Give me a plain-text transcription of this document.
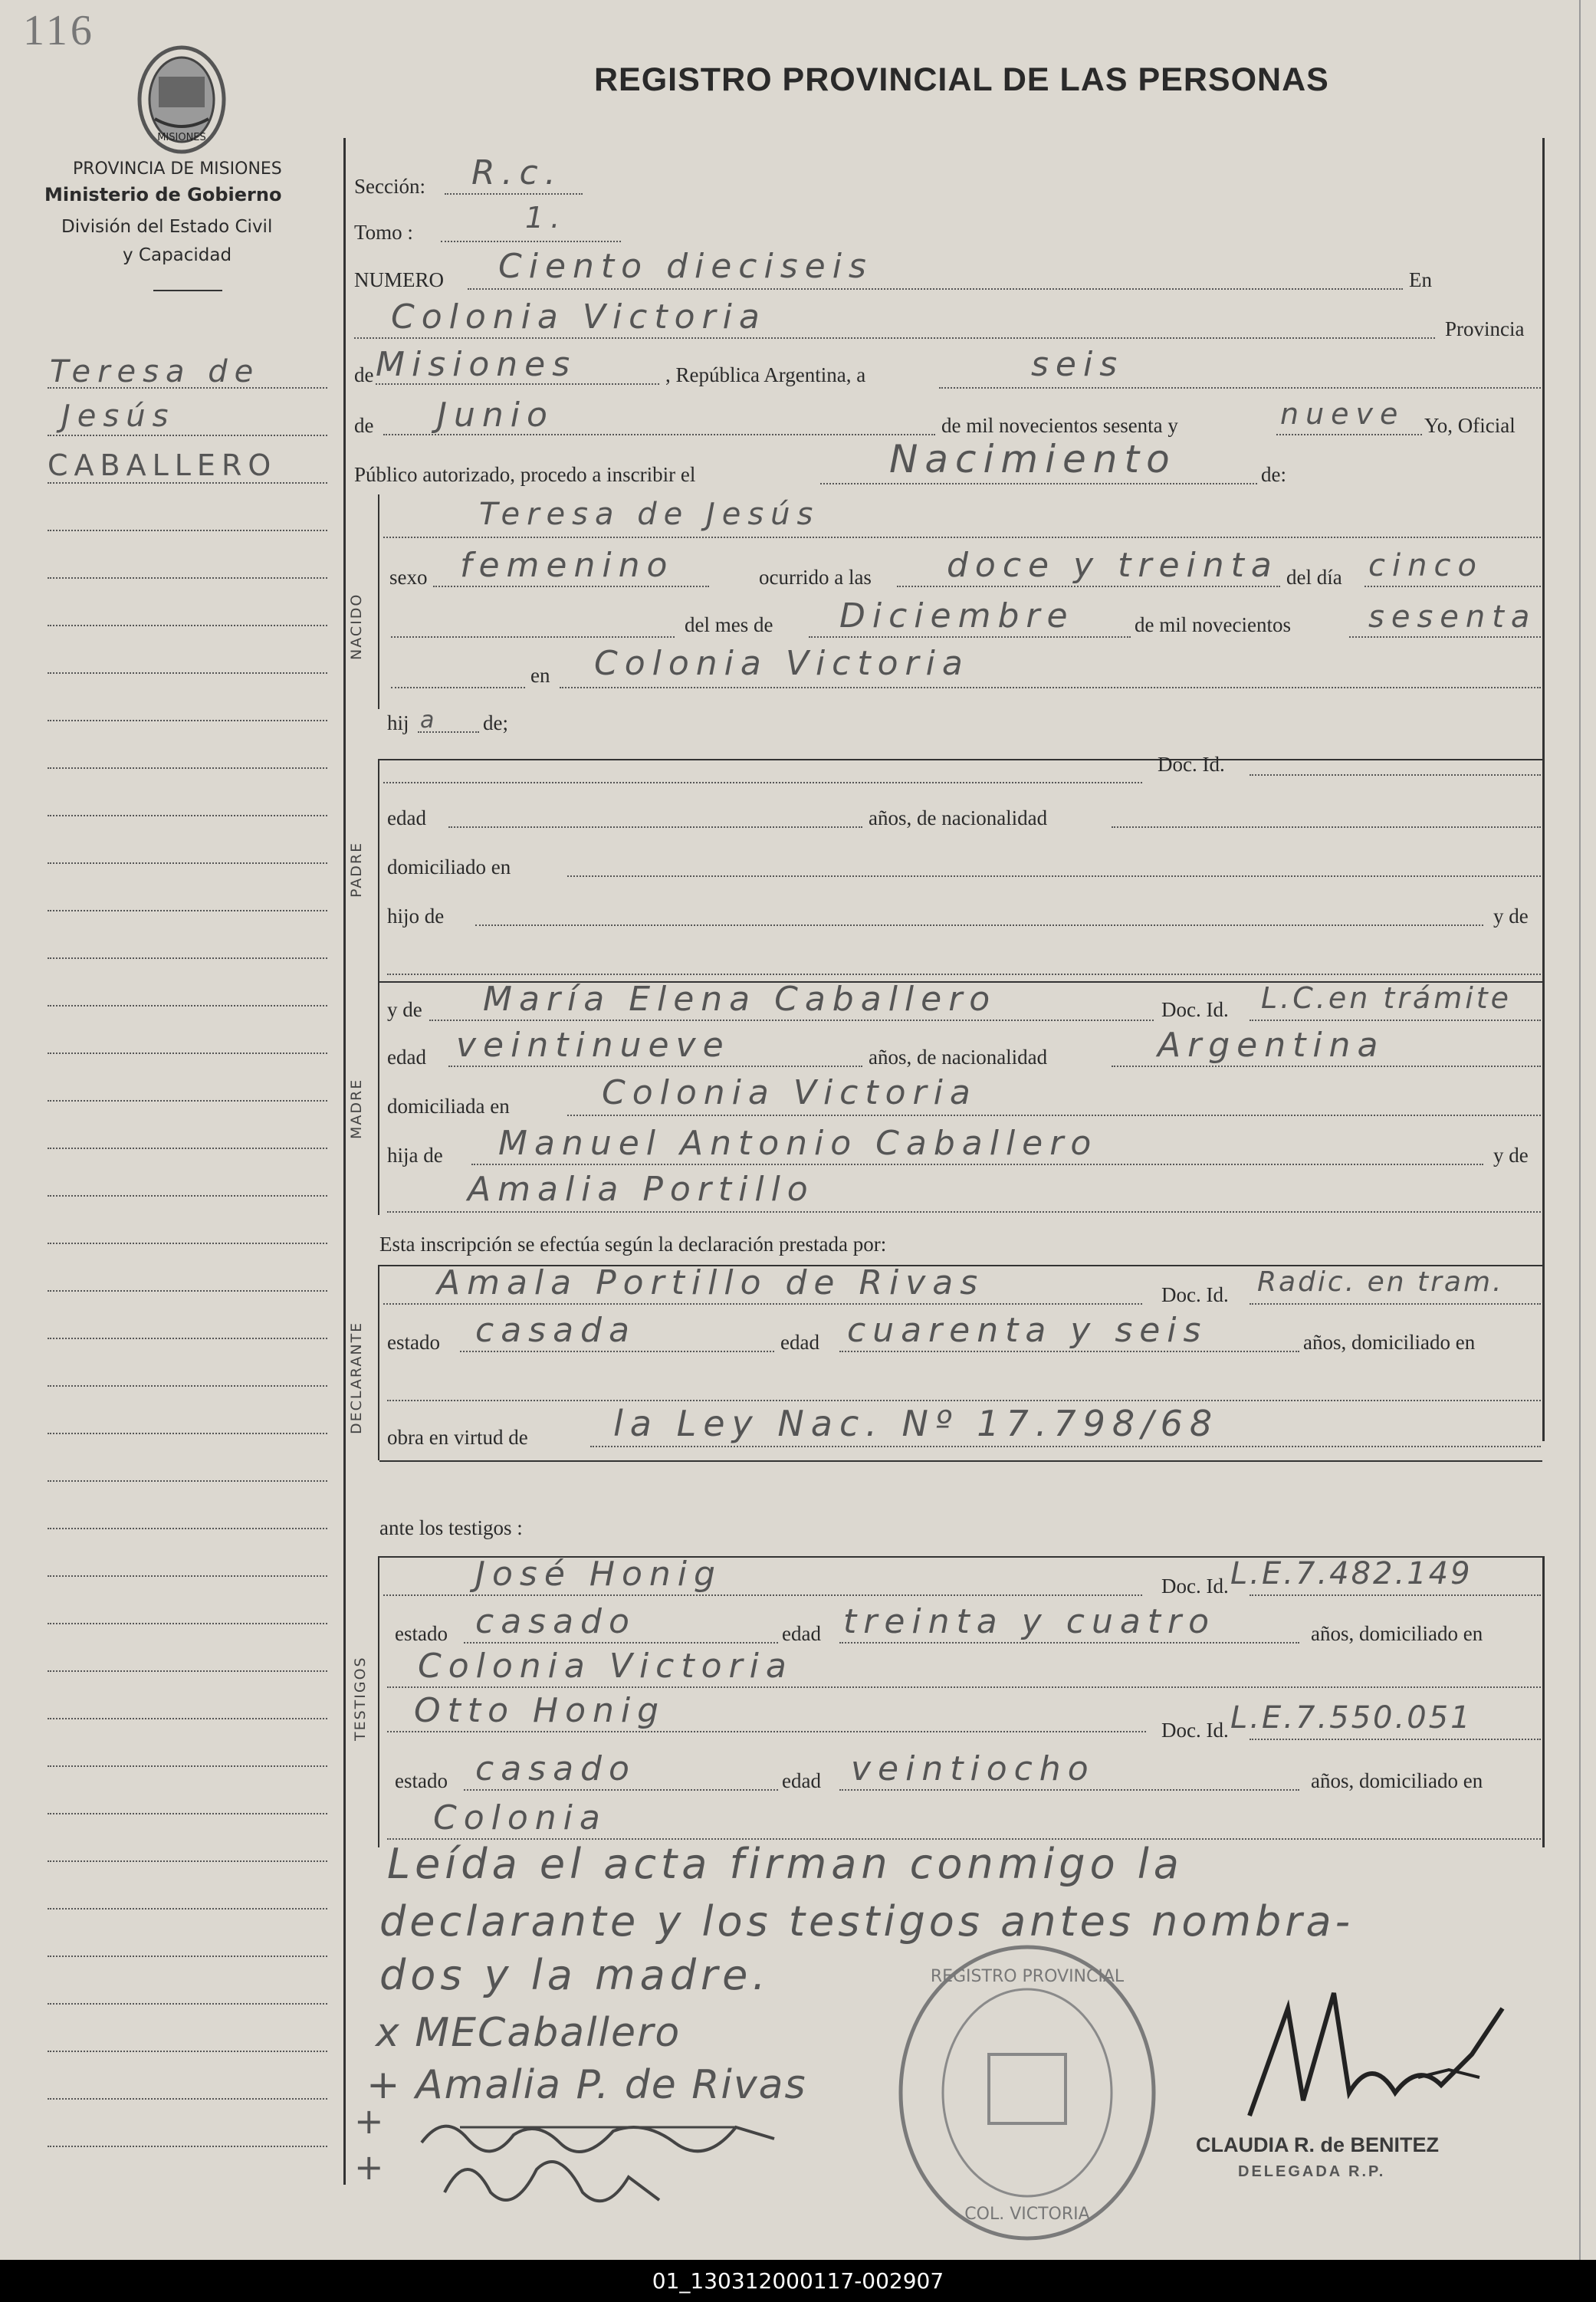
116
MISIONES
REGISTRO PROVINCIAL DE LAS PERSONAS
PROVINCIA DE MISIONES
Ministerio de Gobierno
División del Estado Civil
y Capacidad
Teresa de
Jesús
CABALLERO
Sección: R.c.
Tomo :	1.
NUMERO Ciento dieciseis	En
Colonia Victoria	Provincia
de Misiones	, República Argentina, a	seis
de Junio	de mil novecientos sesenta y	nueve Yo, Oficial
Público autorizado, procedo a inscribir el	Nacimiento	de:
NACIDO
Teresa de Jesús
sexo femenino	ocurrido a las doce y treinta del día cinco
del mes de Diciembre	de mil novecientos	sesenta
en Colonia Victoria
hij a de;
PADRE
Doc. Id.
edad	años, de nacionalidad
domiciliado en
hijo de	y de
MADRE
y de María Elena Caballero	Doc. Id. L.C.en trámite
edad veintinueve	años, de nacionalidad	Argentina
domiciliada en	Colonia Victoria
hija de Manuel Antonio Caballero	y de
Amalia Portillo
Esta inscripción se efectúa según la declaración prestada por:
DECLARANTE
Amala Portillo de Rivas	Doc. Id. Radic. en tram.
estado casada	edad cuarenta y seis	años, domiciliado en
obra en virtud de la Ley Nac. Nº 17.798/68
ante los testigos :
TESTIGOS
José Honig	Doc. Id. L.E.7.482.149
estado casado	edad treinta y cuatro	años, domiciliado en
Colonia Victoria
Otto Honig	Doc. Id. L.E.7.550.051
estado casado	edad veintiocho	años, domiciliado en
Colonia
Leída el acta firman conmigo la
declarante y los testigos antes nombra-
dos y la madre.
x MECaballero
+ Amalia P. de Rivas
+
+
REGISTRO PROVINCIAL
COL. VICTORIA
CLAUDIA R. de BENITEZ
DELEGADA R.P.
01_130312000117-002907
